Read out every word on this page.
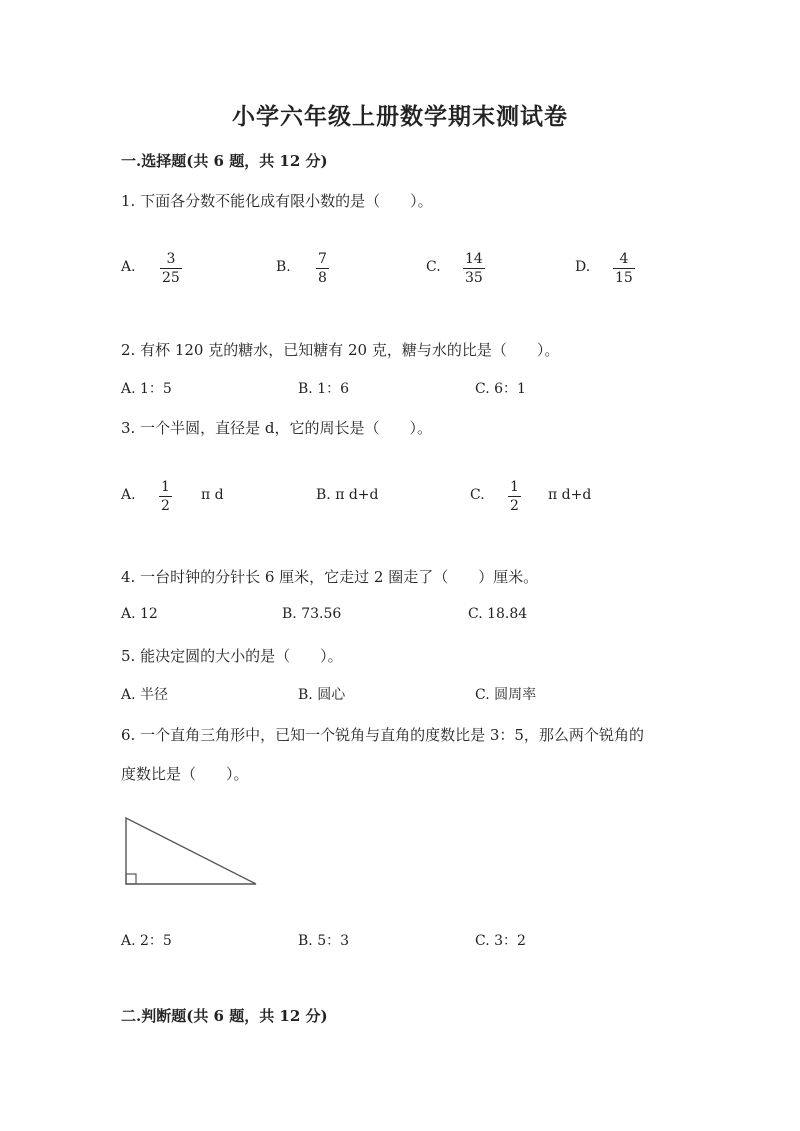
小学六年级上册数学期末测试卷
一.选择题(共 6 题，共 12 分)
1. 下面各分数不能化成有限小数的是（　　）。
A. 3
25
B. 7
8
C. 14
35
D. 4
15
2. 有杯 120 克的糖水，已知糖有 20 克，糖与水的比是（　　）。
A. 1：5	B. 1：6	C. 6：1
3. 一个半圆，直径是 d，它的周长是（　　）。
A. 1
2
π d	B. π d+d	C. 1
2
π d+d
4. 一台时钟的分针长 6 厘米，它走过 2 圈走了（　　）厘米。
A. 12	B. 73.56	C. 18.84
5. 能决定圆的大小的是（　　）。
A. 半径	B. 圆心	C. 圆周率
6. 一个直角三角形中，已知一个锐角与直角的度数比是 3：5，那么两个锐角的
度数比是（　　）。
A. 2：5	B. 5：3	C. 3：2
二.判断题(共 6 题，共 12 分)
